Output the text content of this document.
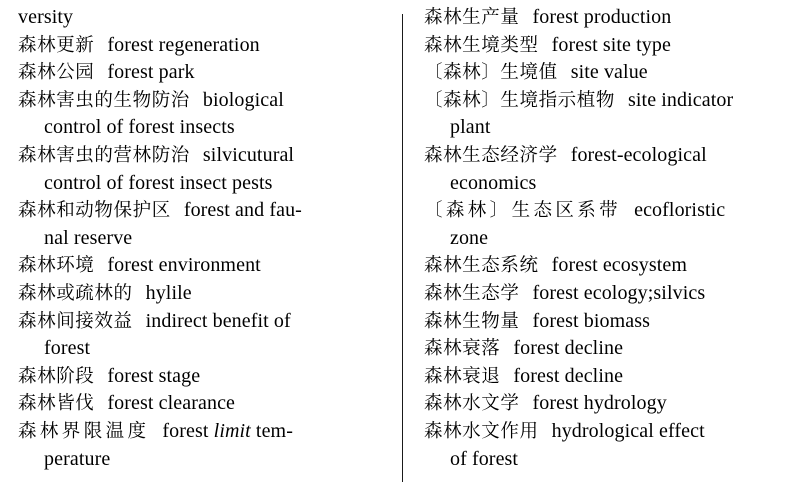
versity
森林更新 forest regeneration
森林公园 forest park
森林害虫的生物防治 biological
control of forest insects
森林害虫的营林防治 silvicutural
control of forest insect pests
森林和动物保护区 forest and fau-
nal reserve
森林环境 forest environment
森林或疏林的 hylile
森林间接效益 indirect benefit of
forest
森林阶段 forest stage
森林皆伐 forest clearance
森林界限温度 forest limit tem-
perature
森林生产量 forest production
森林生境类型 forest site type
〔森林〕生境值 site value
〔森林〕生境指示植物 site indicator
plant
森林生态经济学 forest-ecological
economics
〔森林〕生态区系带 ecofloristic
zone
森林生态系统 forest ecosystem
森林生态学 forest ecology;silvics
森林生物量 forest biomass
森林衰落 forest decline
森林衰退 forest decline
森林水文学 forest hydrology
森林水文作用 hydrological effect
of forest
